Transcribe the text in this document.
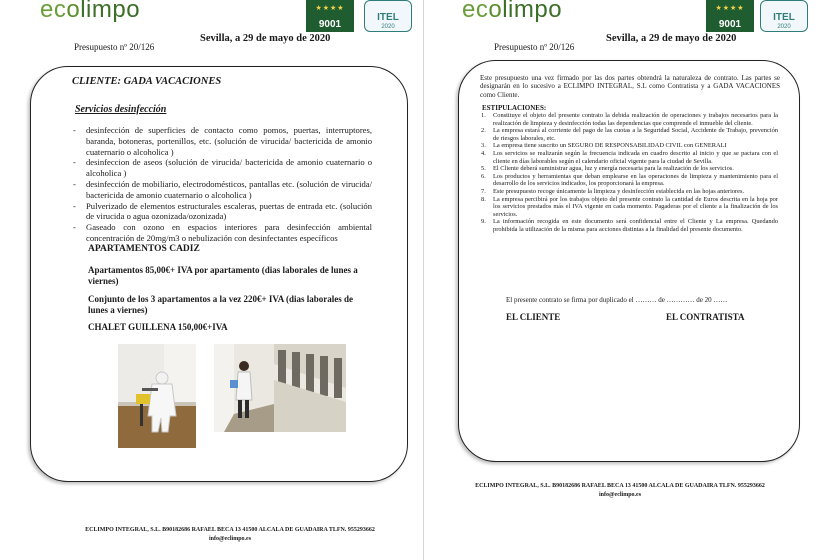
ecolimpo	★★★★
9001
ITEL
2020
Sevilla, a 29 de mayo de 2020
Presupuesto nº 20/126
CLIENTE: GADA VACACIONES
Servicios desinfección
- desinfección de superficies de contacto como pomos, puertas, interruptores, baranda, botoneras, portenillos, etc. (solución de virucida/ bactericida de amonio cuaternario o alcoholica )
- desinfeccion de aseos (solución de virucida/ bactericida de amonio cuaternario o alcoholica )
- desinfección de mobiliario, electrodomésticos, pantallas etc. (solución de virucida/ bactericida de amonio cuaternario o alcoholica )
- Pulverizado de elementos estructurales escaleras, puertas de entrada etc. (solución de virucida o agua ozonizada/ozonizada)
- Gaseado con ozono en espacios interiores para desinfección ambiental concentración de 20mg/m3 o nebulización con desinfectantes específicos
APARTAMENTOS CADIZ
Apartamentos 85,00€+ IVA por apartamento (dias laborales de lunes a viernes)
Conjunto de los 3 apartamentos a la vez 220€+ IVA (dias laborales de lunes a viernes)
CHALET GUILLENA 150,00€+IVA
ECLIMPO INTEGRAL, S.L. B90182686 RAFAEL BECA 13 41500 ALCALA DE GUADAIRA TLFN. 955293662
info@eclimpo.es
ecolimpo	★★★★
9001
ITEL
2020
Sevilla, a 29 de mayo de 2020
Presupuesto nº 20/126
Este presupuesto una vez firmado por las dos partes obtendrá la naturaleza de contrato. Las partes se designarán en lo sucesivo a ECLIMPO INTEGRAL, S.L como Contratista y a GADA VACACIONES como Cliente.
ESTIPULACIONES:
1. Constituye el objeto del presente contrato la debida realización de operaciones y trabajos necesarios para la realización de limpieza y desinfección todas las dependencias que comprende el inmueble del cliente.
2. La empresa estará al corriente del pago de las cuotas a la Seguridad Social, Accidente de Trabajo, prevención de riesgos laborales, etc.
3. La empresa tiene suscrito un SEGURO DE RESPONSABILIDAD CIVIL con GENERALI
4. Los servicios se realizarán según la frecuencia indicada en cuadro descrito al inicio y que se pactara con el cliente en días laborables según el calendario oficial vigente para la ciudad de Sevilla.
5. El Cliente deberá suministrar agua, luz y energía necesaria para la realización de los servicios.
6. Los productos y herramientas que deban emplearse en las operaciones de limpieza y mantenimiento para el desarrollo de los servicios indicados, los proporcionará la empresa.
7. Este presupuesto recoge únicamente la limpieza y desinfección establecida en las hojas anteriores.
8. La empresa percibirá por los trabajos objeto del presente contrato la cantidad de Euros descrita en la hoja por los servicios prestados más el IVA vigente en cada momento. Pagaderas por el cliente a la finalización de los servicios.
9. La información recogida en este documento será confidencial entre el Cliente y La empresa. Quedando prohibida la utilización de la misma para acciones distintas a la finalidad del presente documento.
El presente contrato se firma por duplicado el ……… de ………… de 20 ……
EL CLIENTE	EL CONTRATISTA
ECLIMPO INTEGRAL, S.L. B90182686 RAFAEL BECA 13 41500 ALCALA DE GUADAIRA TLFN. 955293662
info@eclimpo.es
